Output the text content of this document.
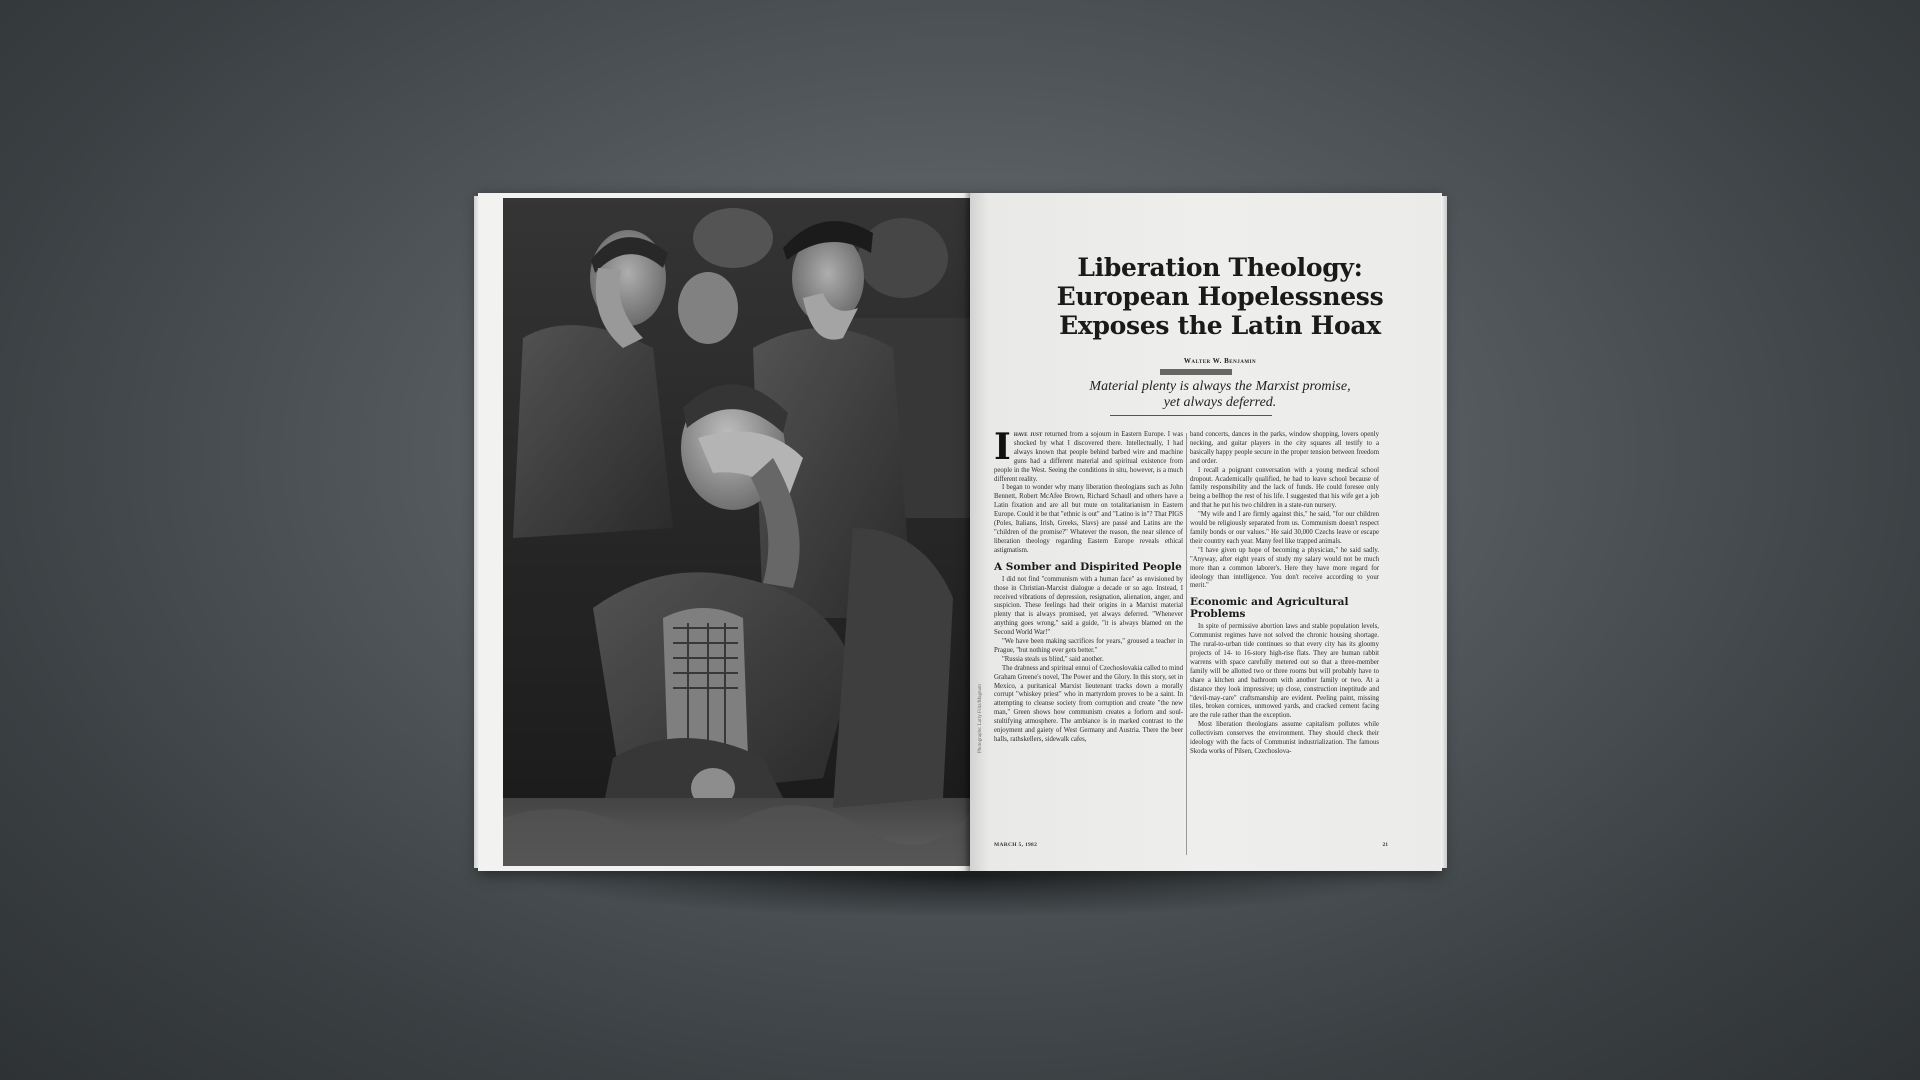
Liberation Theology:
European Hopelessness
Exposes the Latin Hoax
Walter W. Benjamin
Material plenty is always the Marxist promise,
yet always deferred.

Ihave just returned from a sojourn in Eastern Europe. I was shocked by what I discovered there. Intellectually, I had always known that people behind barbed wire and machine guns had a different material and spiritual existence from people in the West. Seeing the conditions in situ, however, is a much different reality.

I began to wonder why many liberation theologians such as John Bennett, Robert McAfee Brown, Richard Schaull and others have a Latin fixation and are all but mute on totalitarianism in Eastern Europe. Could it be that "ethnic is out" and "Latino is in"? That PIGS (Poles, Italians, Irish, Greeks, Slavs) are passé and Latins are the "children of the promise?" Whatever the reason, the near silence of liberation theology regarding Eastern Europe reveals ethical astigmatism.

A Somber and Dispirited People

I did not find "communism with a human face" as envisioned by those in Christian-Marxist dialogue a decade or so ago. Instead, I received vibrations of depression, resignation, alienation, anger, and suspicion. These feelings had their origins in a Marxist material plenty that is always promised, yet always deferred. "Whenever anything goes wrong," said a guide, "it is always blamed on the Second World War!"

"We have been making sacrifices for years," groused a teacher in Prague, "but nothing ever gets better."

"Russia steals us blind," said another.

The drabness and spiritual ennui of Czechoslovakia called to mind Graham Greene's novel, The Power and the Glory. In this story, set in Mexico, a puritanical Marxist lieutenant tracks down a morally corrupt "whiskey priest" who in martyrdom proves to be a saint. In attempting to cleanse society from corruption and create "the new man," Green shows how communism creates a forlorn and soul-stultifying atmosphere. The ambiance is in marked contrast to the enjoyment and gaiety of West Germany and Austria. There the beer halls, rathskellers, sidewalk cafes,

band concerts, dances in the parks, window shopping, lovers openly necking, and guitar players in the city squares all testify to a basically happy people secure in the proper tension between freedom and order.

I recall a poignant conversation with a young medical school dropout. Academically qualified, he had to leave school because of family responsibility and the lack of funds. He could foresee only being a bellhop the rest of his life. I suggested that his wife get a job and that he put his two children in a state-run nursery.

"My wife and I are firmly against this," he said, "for our children would be religiously separated from us. Communism doesn't respect family bonds or our values." He said 30,000 Czechs leave or escape their country each year. Many feel like trapped animals.

"I have given up hope of becoming a physician," he said sadly. "Anyway, after eight years of study my salary would not be much more than a common laborer's. Here they have more regard for ideology than intelligence. You don't receive according to your merit."

Economic and Agricultural Problems

In spite of permissive abortion laws and stable population levels, Communist regimes have not solved the chronic housing shortage. The rural-to-urban tide continues so that every city has its gloomy projects of 14- to 16-story high-rise flats. They are human rabbit warrens with space carefully metered out so that a three-member family will be allotted two or three rooms but will probably have to share a kitchen and bathroom with another family or two. At a distance they look impressive; up close, construction ineptitude and "devil-may-care" craftsmanship are evident. Peeling paint, missing tiles, broken cornices, unmowed yards, and cracked cement facing are the rule rather than the exception.

Most liberation theologians assume capitalism pollutes while collectivism conserves the environment. They should check their ideology with the facts of Communist industrialization. The famous Skoda works of Pilsen, Czechoslova-

MARCH 5, 1982	21
Photographs: Larry Fritz/Magnum
